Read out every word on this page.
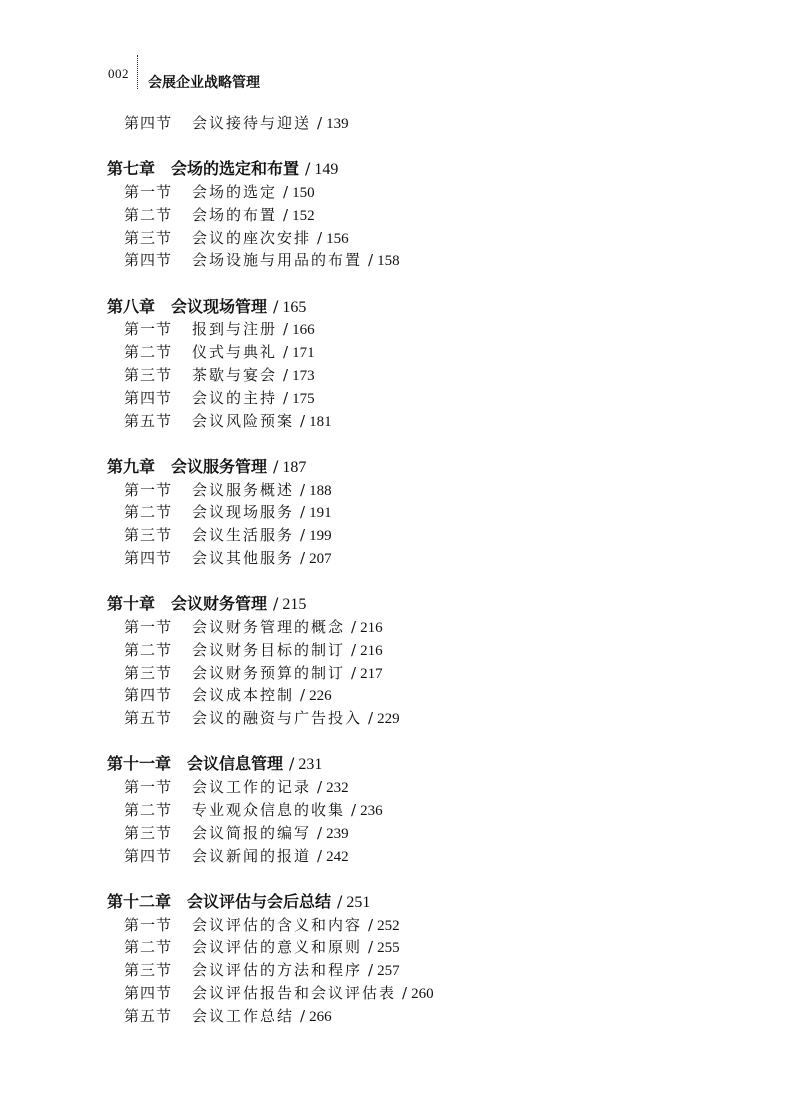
002
会展企业战略管理
第四节 会议接待与迎送 / 139
第七章 会场的选定和布置 / 149
第一节 会场的选定 / 150
第二节 会场的布置 / 152
第三节 会议的座次安排 / 156
第四节 会场设施与用品的布置 / 158
第八章 会议现场管理 / 165
第一节 报到与注册 / 166
第二节 仪式与典礼 / 171
第三节 茶歇与宴会 / 173
第四节 会议的主持 / 175
第五节 会议风险预案 / 181
第九章 会议服务管理 / 187
第一节 会议服务概述 / 188
第二节 会议现场服务 / 191
第三节 会议生活服务 / 199
第四节 会议其他服务 / 207
第十章 会议财务管理 / 215
第一节 会议财务管理的概念 / 216
第二节 会议财务目标的制订 / 216
第三节 会议财务预算的制订 / 217
第四节 会议成本控制 / 226
第五节 会议的融资与广告投入 / 229
第十一章 会议信息管理 / 231
第一节 会议工作的记录 / 232
第二节 专业观众信息的收集 / 236
第三节 会议简报的编写 / 239
第四节 会议新闻的报道 / 242
第十二章 会议评估与会后总结 / 251
第一节 会议评估的含义和内容 / 252
第二节 会议评估的意义和原则 / 255
第三节 会议评估的方法和程序 / 257
第四节 会议评估报告和会议评估表 / 260
第五节 会议工作总结 / 266
